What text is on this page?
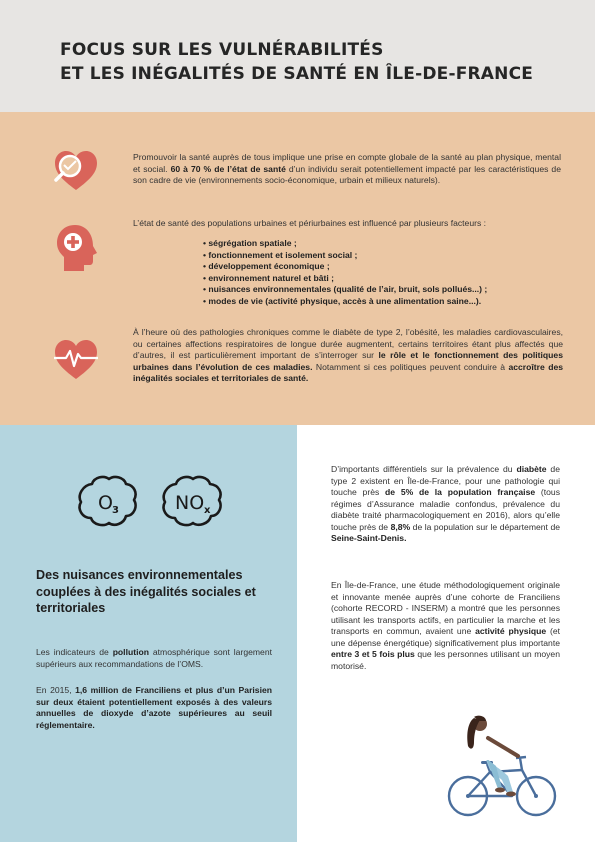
FOCUS SUR LES VULNÉRABILITÉS
ET LES INÉGALITÉS DE SANTÉ EN ÎLE-DE-FRANCE

Promouvoir la santé auprès de tous implique une prise en compte globale de la santé au plan physique, mental et social. 60 à 70 % de l’état de santé d’un individu serait potentiellement impacté par les caractéristiques de son cadre de vie (environnements socio-économique, urbain et milieux naturels).

L’état de santé des populations urbaines et périurbaines est influencé par plusieurs facteurs :

• ségrégation spatiale ;
• fonctionnement et isolement social ;
• développement économique ;
• environnement naturel et bâti ;
• nuisances environnementales (qualité de l’air, bruit, sols pollués...) ;
• modes de vie (activité physique, accès à une alimentation saine...).

À l’heure où des pathologies chroniques comme le diabète de type 2, l’obésité, les maladies cardiovasculaires, ou certaines affections respiratoires de longue durée augmentent, certains territoires étant plus affectés que d’autres, il est particulièrement important de s’interroger sur le rôle et le fonctionnement des politiques urbaines dans l’évolution de ces maladies. Notamment si ces politiques peuvent conduire à accroître des inégalités sociales et territoriales de santé.

O 3	NO x
Des nuisances environnementales couplées à des inégalités sociales et territoriales

Les indicateurs de pollution atmosphérique sont largement supérieurs aux recommandations de l’OMS.

En 2015, 1,6 million de Franciliens et plus d’un Parisien sur deux étaient potentiellement exposés à des valeurs annuelles de dioxyde d’azote supérieures au seuil réglementaire.

D’importants différentiels sur la prévalence du diabète de type 2 existent en Île-de-France, pour une pathologie qui touche près de 5% de la population française (tous régimes d’Assurance maladie confondus, prévalence du diabète traité pharmacologiquement en 2016), alors qu’elle touche près de 8,8% de la population sur le département de Seine-Saint-Denis.

En Île-de-France, une étude méthodologiquement originale et innovante menée auprès d’une cohorte de Franciliens (cohorte RECORD - INSERM) a montré que les personnes utilisant les transports actifs, en particulier la marche et les transports en commun, avaient une activité physique (et une dépense énergétique) significativement plus importante entre 3 et 5 fois plus que les personnes utilisant un moyen motorisé.
